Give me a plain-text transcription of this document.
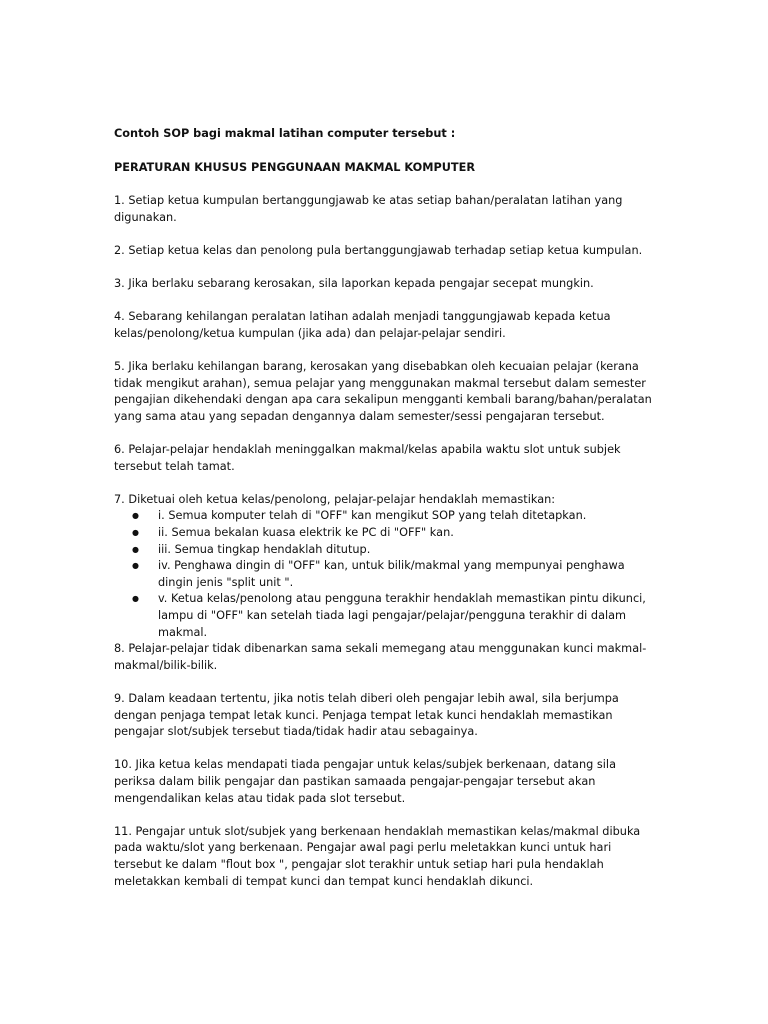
Contoh SOP bagi makmal latihan computer tersebut :

PERATURAN KHUSUS PENGGUNAAN MAKMAL KOMPUTER

1. Setiap ketua kumpulan bertanggungjawab ke atas setiap bahan/peralatan latihan yang digunakan.

2. Setiap ketua kelas dan penolong pula bertanggungjawab terhadap setiap ketua kumpulan.

3. Jika berlaku sebarang kerosakan, sila laporkan kepada pengajar secepat mungkin.

4. Sebarang kehilangan peralatan latihan adalah menjadi tanggungjawab kepada ketua kelas/penolong/ketua kumpulan (jika ada) dan pelajar-pelajar sendiri.

5. Jika berlaku kehilangan barang, kerosakan yang disebabkan oleh kecuaian pelajar (kerana tidak mengikut arahan), semua pelajar yang menggunakan makmal tersebut dalam semester pengajian dikehendaki dengan apa cara sekalipun mengganti kembali barang/bahan/peralatan yang sama atau yang sepadan dengannya dalam semester/sessi pengajaran tersebut.

6. Pelajar-pelajar hendaklah meninggalkan makmal/kelas apabila waktu slot untuk subjek tersebut telah tamat.

7. Diketuai oleh ketua kelas/penolong, pelajar-pelajar hendaklah memastikan:

● i. Semua komputer telah di "OFF" kan mengikut SOP yang telah ditetapkan.
● ii. Semua bekalan kuasa elektrik ke PC di "OFF" kan.
● iii. Semua tingkap hendaklah ditutup.
● iv. Penghawa dingin di "OFF" kan, untuk bilik/makmal yang mempunyai penghawa dingin jenis "split unit ".
● v. Ketua kelas/penolong atau pengguna terakhir hendaklah memastikan pintu dikunci, lampu di "OFF" kan setelah tiada lagi pengajar/pelajar/pengguna terakhir di dalam makmal.

8. Pelajar-pelajar tidak dibenarkan sama sekali memegang atau menggunakan kunci makmal-makmal/bilik-bilik.

9. Dalam keadaan tertentu, jika notis telah diberi oleh pengajar lebih awal, sila berjumpa dengan penjaga tempat letak kunci. Penjaga tempat letak kunci hendaklah memastikan pengajar slot/subjek tersebut tiada/tidak hadir atau sebagainya.

10. Jika ketua kelas mendapati tiada pengajar untuk kelas/subjek berkenaan, datang sila periksa dalam bilik pengajar dan pastikan samaada pengajar-pengajar tersebut akan mengendalikan kelas atau tidak pada slot tersebut.

11. Pengajar untuk slot/subjek yang berkenaan hendaklah memastikan kelas/makmal dibuka pada waktu/slot yang berkenaan. Pengajar awal pagi perlu meletakkan kunci untuk hari tersebut ke dalam "flout box ", pengajar slot terakhir untuk setiap hari pula hendaklah meletakkan kembali di tempat kunci dan tempat kunci hendaklah dikunci.
